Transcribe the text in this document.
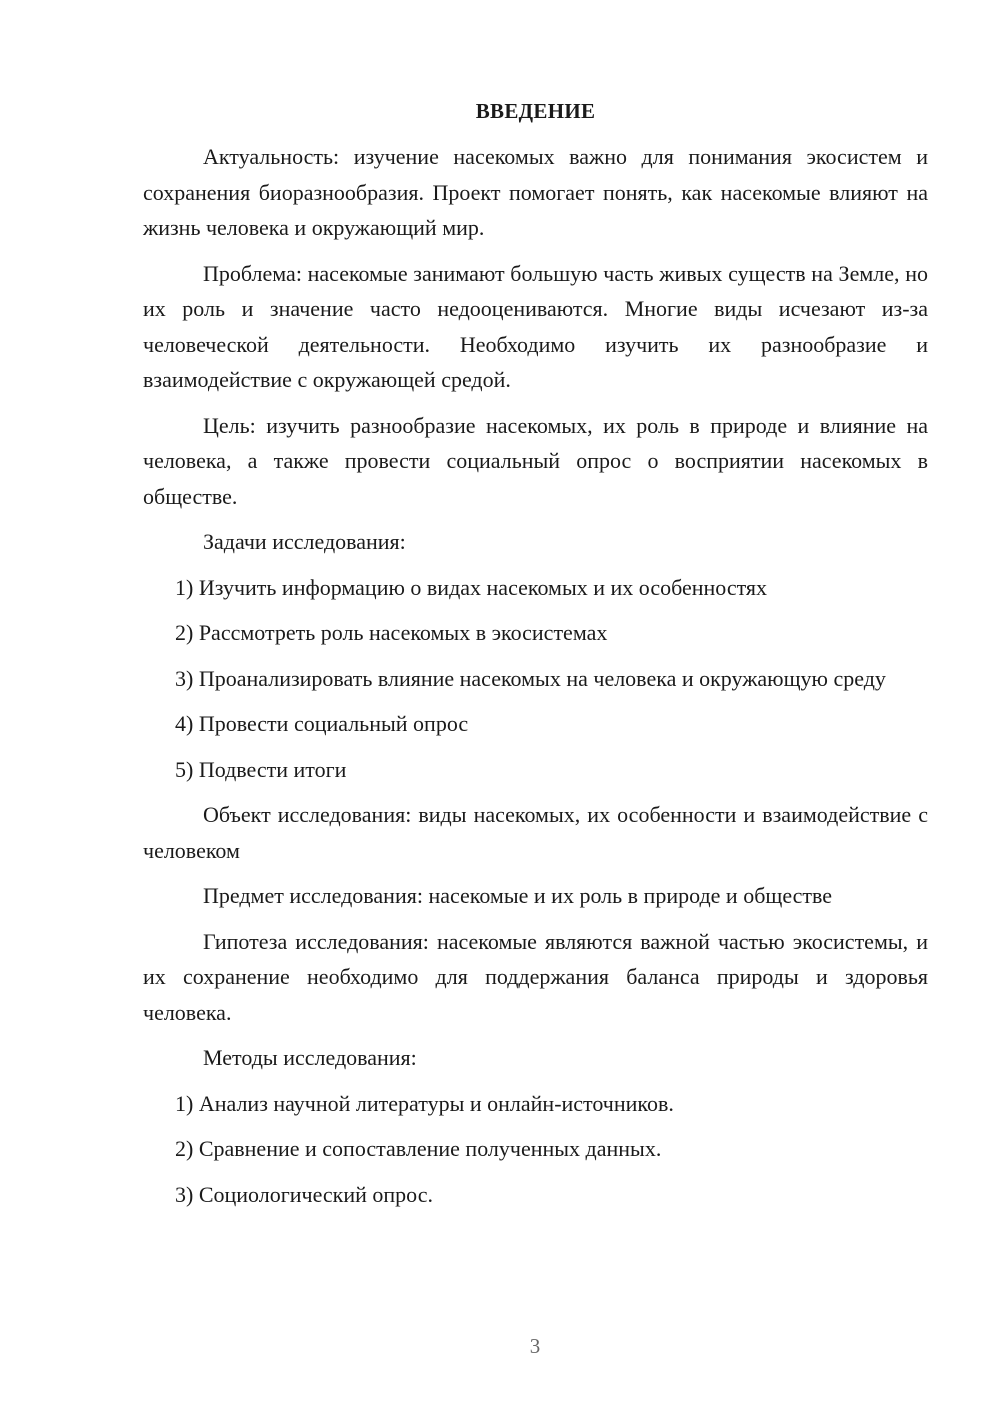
ВВЕДЕНИЕ

Актуальность: изучение насекомых важно для понимания экосистем и сохранения биоразнообразия. Проект помогает понять, как насекомые влияют на жизнь человека и окружающий мир.

Проблема: насекомые занимают большую часть живых существ на Земле, но их роль и значение часто недооцениваются. Многие виды исчезают из-за человеческой деятельности. Необходимо изучить их разнообразие и взаимодействие с окружающей средой.

Цель: изучить разнообразие насекомых, их роль в природе и влияние на человека, а также провести социальный опрос о восприятии насекомых в обществе.

Задачи исследования:

1) Изучить информацию о видах насекомых и их особенностях

2) Рассмотреть роль насекомых в экосистемах

3) Проанализировать влияние насекомых на человека и окружающую среду

4) Провести социальный опрос

5) Подвести итоги

Объект исследования: виды насекомых, их особенности и взаимодействие с человеком

Предмет исследования: насекомые и их роль в природе и обществе

Гипотеза исследования: насекомые являются важной частью экосистемы, и их сохранение необходимо для поддержания баланса природы и здоровья человека.

Методы исследования:

1) Анализ научной литературы и онлайн-источников.

2) Сравнение и сопоставление полученных данных.

3) Социологический опрос.

3
